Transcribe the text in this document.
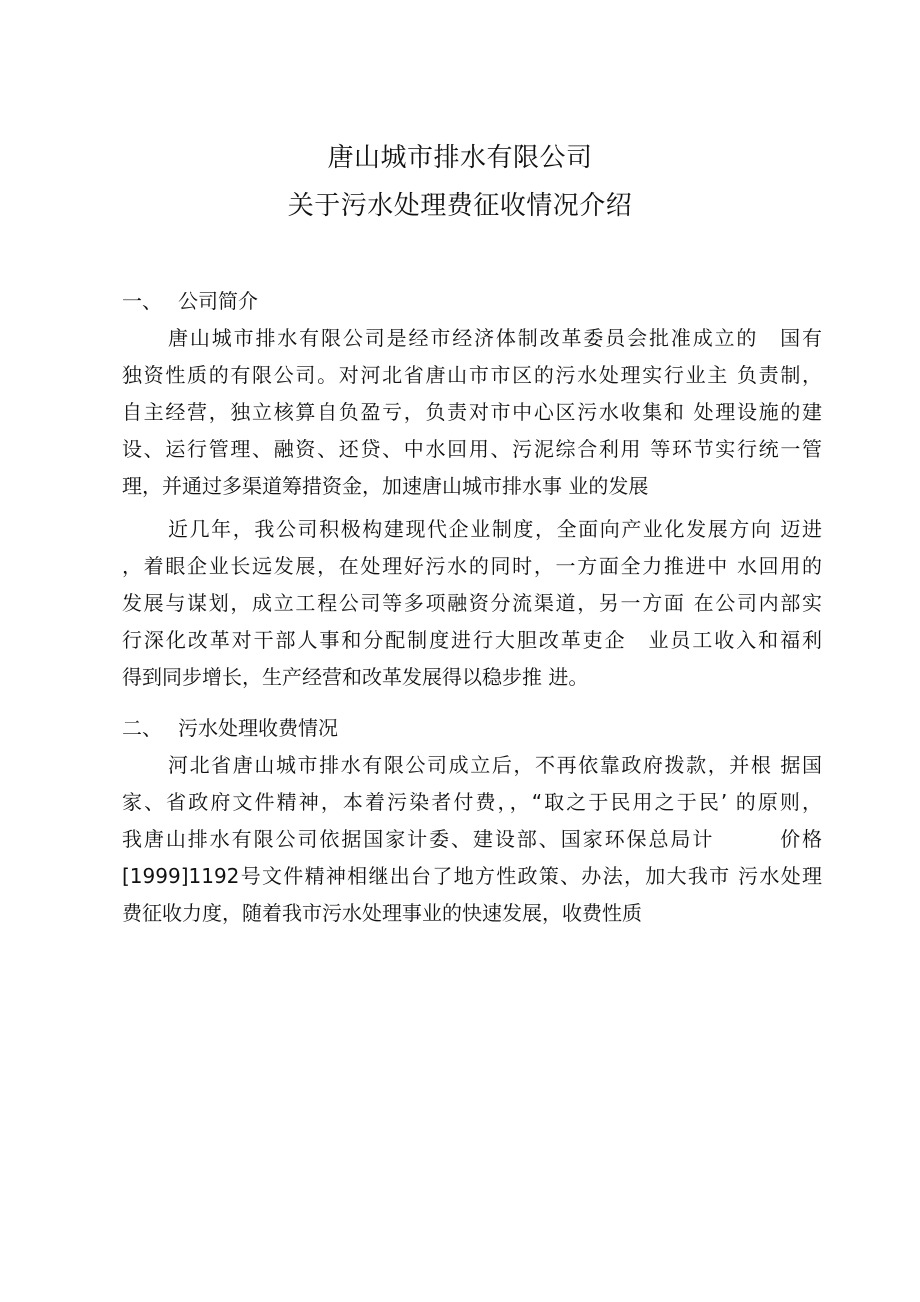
唐山城市排水有限公司
关于污水处理费征收情况介绍
一、 公司简介
唐山城市排水有限公司是经市经济体制改革委员会批准成立的　国有
独资性质的有限公司。对河北省唐山市市区的污水处理实行业主 负责制，
自主经营，独立核算自负盈亏，负责对市中心区污水收集和 处理设施的建
设、运行管理、融资、还贷、中水回用、污泥综合利用 等环节实行统一管
理，并通过多渠道筹措资金，加速唐山城市排水事 业的发展
近几年，我公司积极构建现代企业制度，全面向产业化发展方向 迈进
，着眼企业长远发展，在处理好污水的同时，一方面全力推进中 水回用的
发展与谋划，成立工程公司等多项融资分流渠道，另一方面 在公司内部实
行深化改革对干部人事和分配制度进行大胆改革吏企　业员工收入和福利
得到同步增长，生产经营和改革发展得以稳步推 进。
二、 污水处理收费情况
河北省唐山城市排水有限公司成立后，不再依靠政府拨款，并根 据国
家、省政府文件精神，本着污染者付费，，“取之于民用之于民’ 的原则，
我唐山排水有限公司依据国家计委、建设部、国家环保总局计　　　价格
[1999]1192号文件精神相继出台了地方性政策、办法，加大我市 污水处理
费征收力度，随着我市污水处理事业的快速发展，收费性质
